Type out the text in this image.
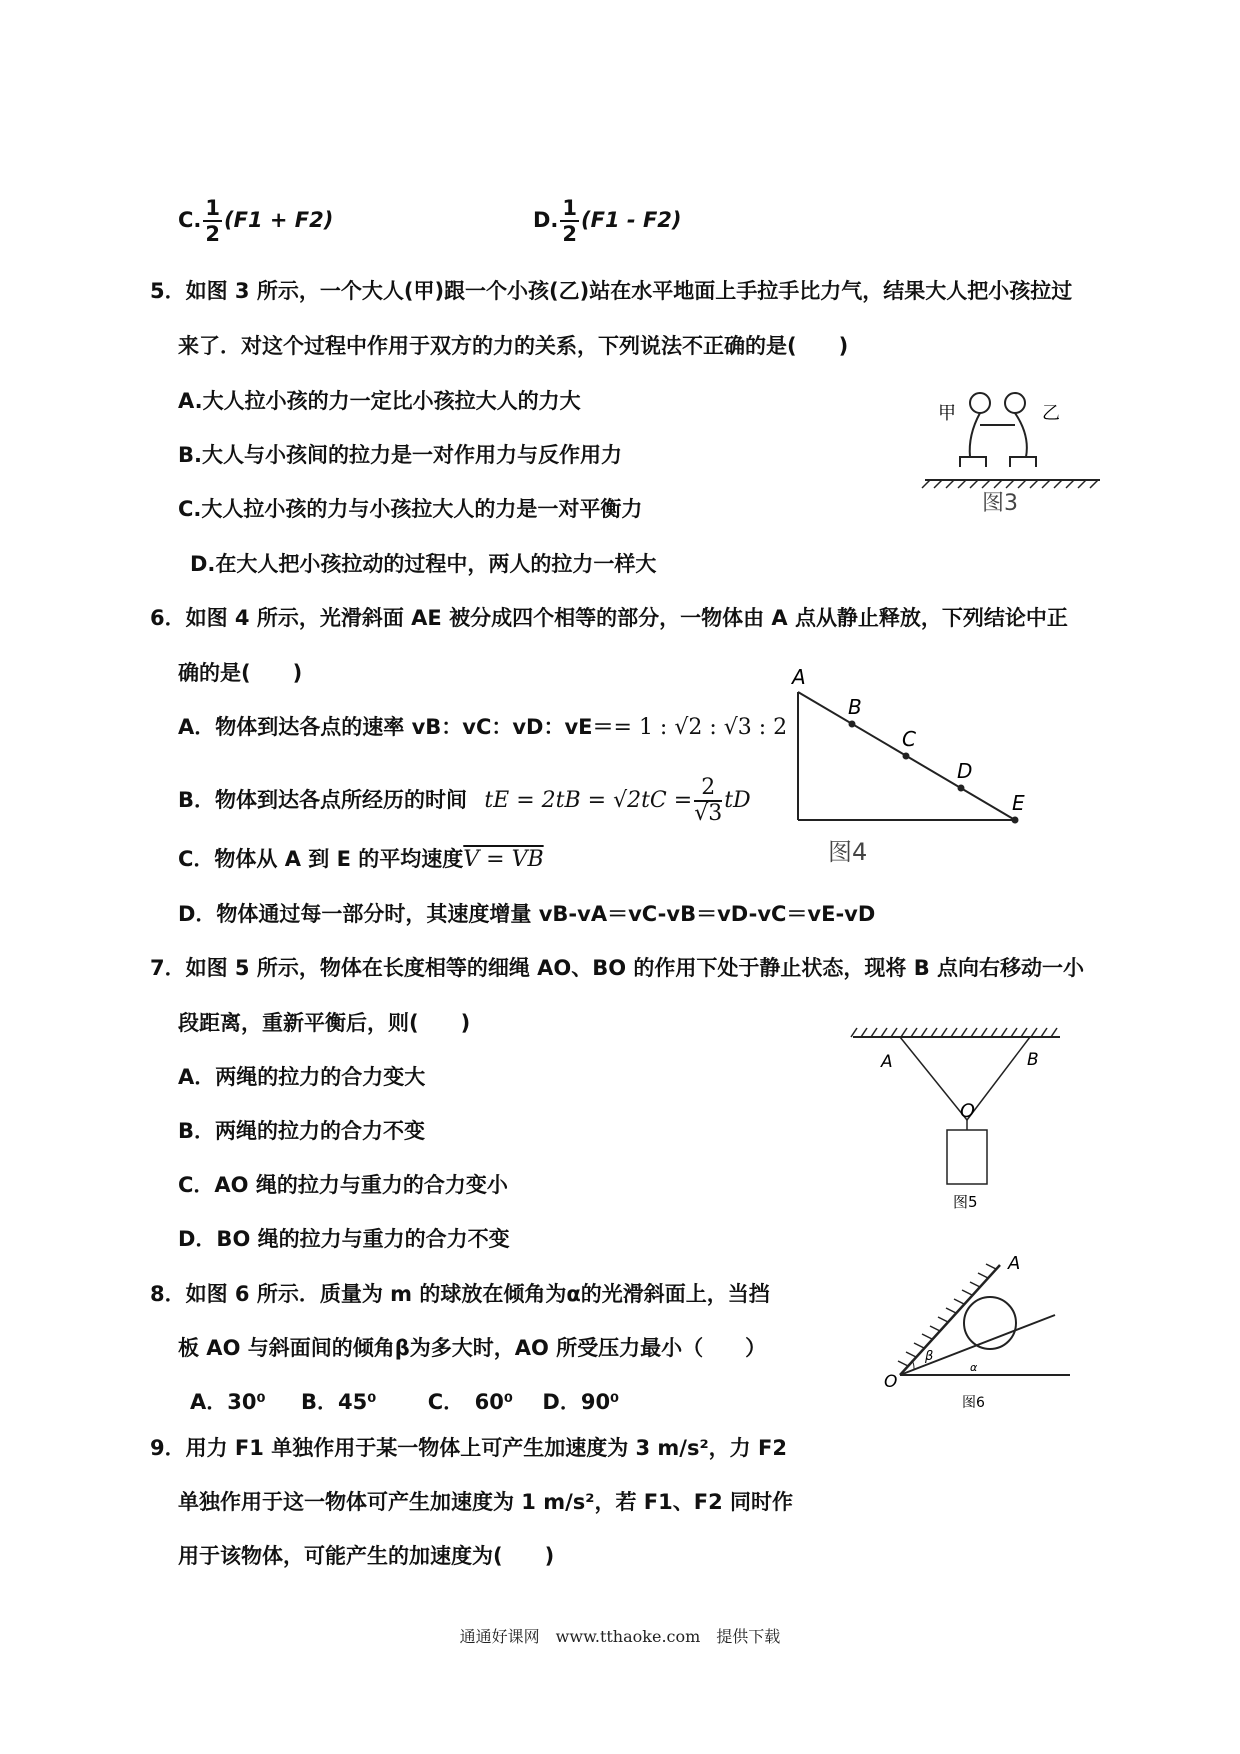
C. $\frac{1}{2} (F1 + F2)$	D. $\frac{1}{2} (F1 - F2)$
5．如图 3 所示，一个大人(甲)跟一个小孩(乙)站在水平地面上手拉手比力气，结果大人把小孩拉过
来了．对这个过程中作用于双方的力的关系，下列说法不正确的是(　　)
A.大人拉小孩的力一定比小孩拉大人的力大
B.大人与小孩间的拉力是一对作用力与反作用力
C.大人拉小孩的力与小孩拉大人的力是一对平衡力
D.在大人把小孩拉动的过程中，两人的拉力一样大
甲	乙
图3
6．如图 4 所示，光滑斜面 AE 被分成四个相等的部分，一物体由 A 点从静止释放，下列结论中正
确的是(　　)
A．物体到达各点的速率 vB：vC：vD：vE＝= 1 : √2 : √3 : 2
B．物体到达各点所经历的时间 tE = $2tB = √2tC = \frac{2}{√3}$ tD
C．物体从 A 到 E 的平均速度V = VB
D．物体通过每一部分时，其速度增量 vB-vA＝vC-vB＝vD-vC＝vE-vD
A
B
C
D
E
图4
7．如图 5 所示，物体在长度相等的细绳 AO、BO 的作用下处于静止状态，现将 B 点向右移动一小
段距离，重新平衡后，则(　　)
A．两绳的拉力的合力变大
B．两绳的拉力的合力不变
C．AO 绳的拉力与重力的合力变小
D．BO 绳的拉力与重力的合力不变
A	B
O
图5
8．如图 6 所示．质量为 m 的球放在倾角为α的光滑斜面上，当挡
板 AO 与斜面间的倾角β为多大时，AO 所受压力最小（　　）
A．30⁰ B．45⁰ C．　60⁰ D．90⁰
A
O
β
α
图6
9．用力 F1 单独作用于某一物体上可产生加速度为 3 m/s²，力 F2
单独作用于这一物体可产生加速度为 1 m/s²，若 F1、F2 同时作
用于该物体，可能产生的加速度为(　　)
通通好课网　www.tthaoke.com　提供下载
